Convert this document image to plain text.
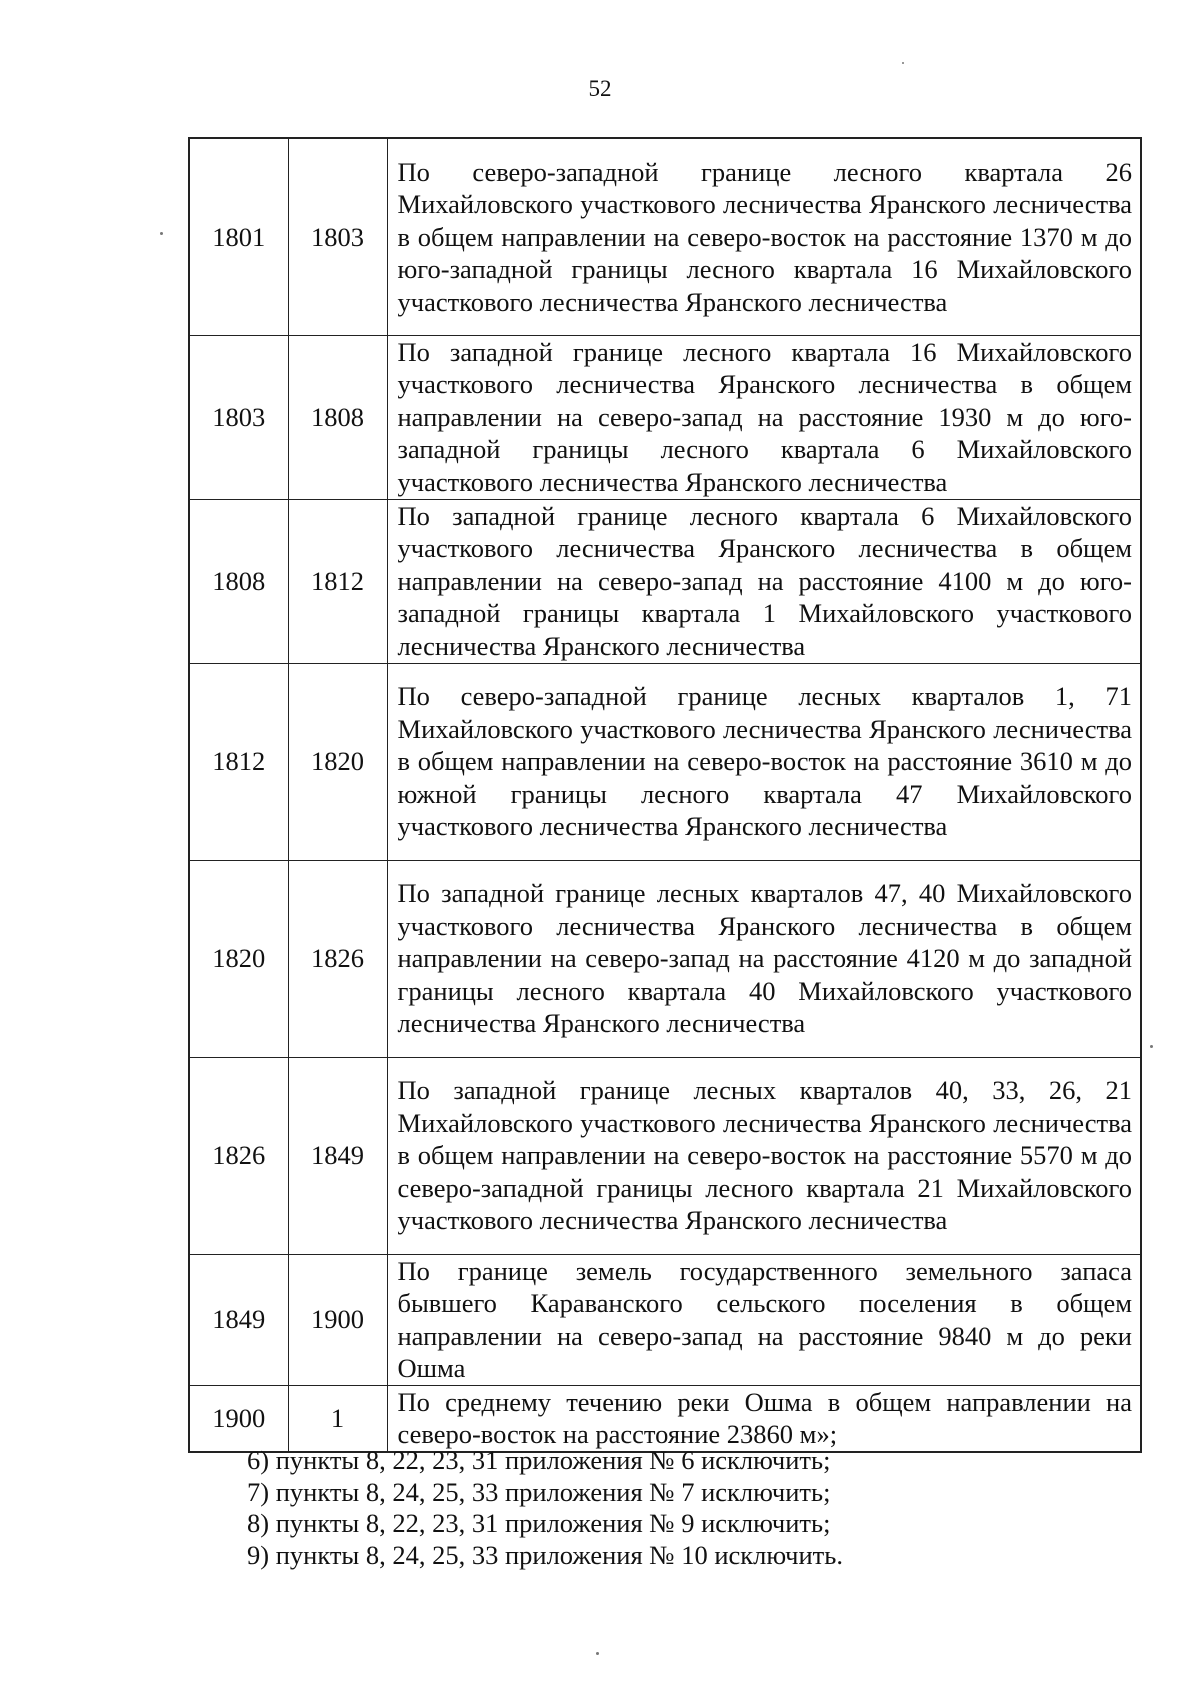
52
1801	1803	По северо-западной границе лесного квартала 26 Михайловского участкового лесничества Яранского лесничества в общем направлении на северо-восток на расстояние 1370 м до юго-западной границы лесного квартала 16 Михайловского участкового лесничества Яранского лесничества

1803	1808	По западной границе лесного квартала 16 Михайловского участкового лесничества Яранского лесничества в общем направлении на северо-запад на расстояние 1930 м до юго-западной границы лесного квартала 6 Михайловского участкового лесничества Яранского лесничества

1808	1812	По западной границе лесного квартала 6 Михайловского участкового лесничества Яранского лесничества в общем направлении на северо-запад на расстояние 4100 м до юго-западной границы квартала 1 Михайловского участкового лесничества Яранского лесничества

1812	1820	По северо-западной границе лесных кварталов 1, 71 Михайловского участкового лесничества Яранского лесничества в общем направлении на северо-восток на расстояние 3610 м до южной границы лесного квартала 47 Михайловского участкового лесничества Яранского лесничества

1820	1826	По западной границе лесных кварталов 47, 40 Михайловского участкового лесничества Яранского лесничества в общем направлении на северо-запад на расстояние 4120 м до западной границы лесного квартала 40 Михайловского участкового лесничества Яранского лесничества

1826	1849	По западной границе лесных кварталов 40, 33, 26, 21 Михайловского участкового лесничества Яранского лесничества в общем направлении на северо-восток на расстояние 5570 м до северо-западной границы лесного квартала 21 Михайловского участкового лесничества Яранского лесничества

1849	1900	По границе земель государственного земельного запаса бывшего Караванского сельского поселения в общем направлении на северо-запад на расстояние 9840 м до реки Ошма

1900	1	По среднему течению реки Ошма в общем направлении на северо-восток на расстояние 23860 м»;
6) пункты 8, 22, 23, 31 приложения № 6 исключить;
7) пункты 8, 24, 25, 33 приложения № 7 исключить;
8) пункты 8, 22, 23, 31 приложения № 9 исключить;
9) пункты 8, 24, 25, 33 приложения № 10 исключить.
